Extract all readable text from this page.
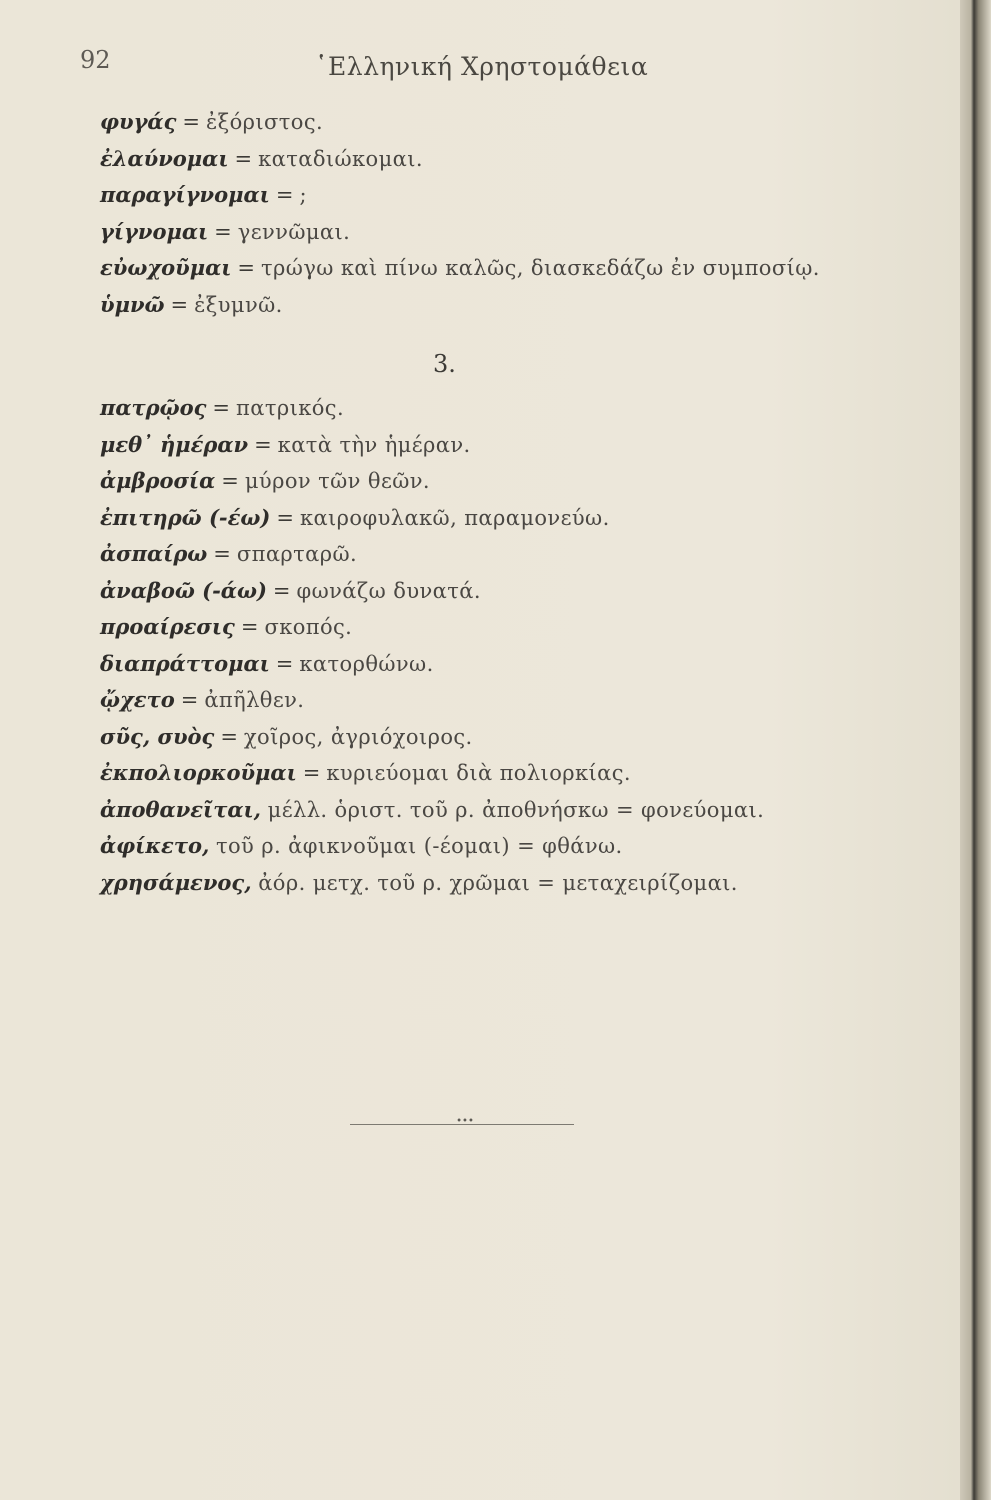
92	῾Ελληνική Χρηστομάθεια
φυγάς = ἐξόριστος.
ἐλαύνομαι = καταδιώκομαι.
παραγίγνομαι = ;
γίγνομαι = γεννῶμαι.
εὐωχοῦμαι = τρώγω καὶ πίνω καλῶς, διασκεδάζω ἐν συμποσίῳ.
ὑμνῶ = ἐξυμνῶ.
3.
πατρῷος = πατρικός.
μεθ᾽ ἡμέραν = κατὰ τὴν ἡμέραν.
ἀμβροσία = μύρον τῶν θεῶν.
ἐπιτηρῶ (-έω) = καιροφυλακῶ, παραμονεύω.
ἀσπαίρω = σπαρταρῶ.
ἀναβοῶ (-άω) = φωνάζω δυνατά.
προαίρεσις = σκοπός.
διαπράττομαι = κατορθώνω.
ᾤχετο = ἀπῆλθεν.
σῦς, συὸς = χοῖρος, ἀγριόχοιρος.
ἐκπολιορκοῦμαι = κυριεύομαι διὰ πολιορκίας.
ἀποθανεῖται, μέλλ. ὁριστ. τοῦ ρ. ἀποθνήσκω = φονεύομαι.
ἀφίκετο, τοῦ ρ. ἀφικνοῦμαι (-έομαι) = φθάνω.
χρησάμενος, ἀόρ. μετχ. τοῦ ρ. χρῶμαι = μεταχειρίζομαι.
•••
